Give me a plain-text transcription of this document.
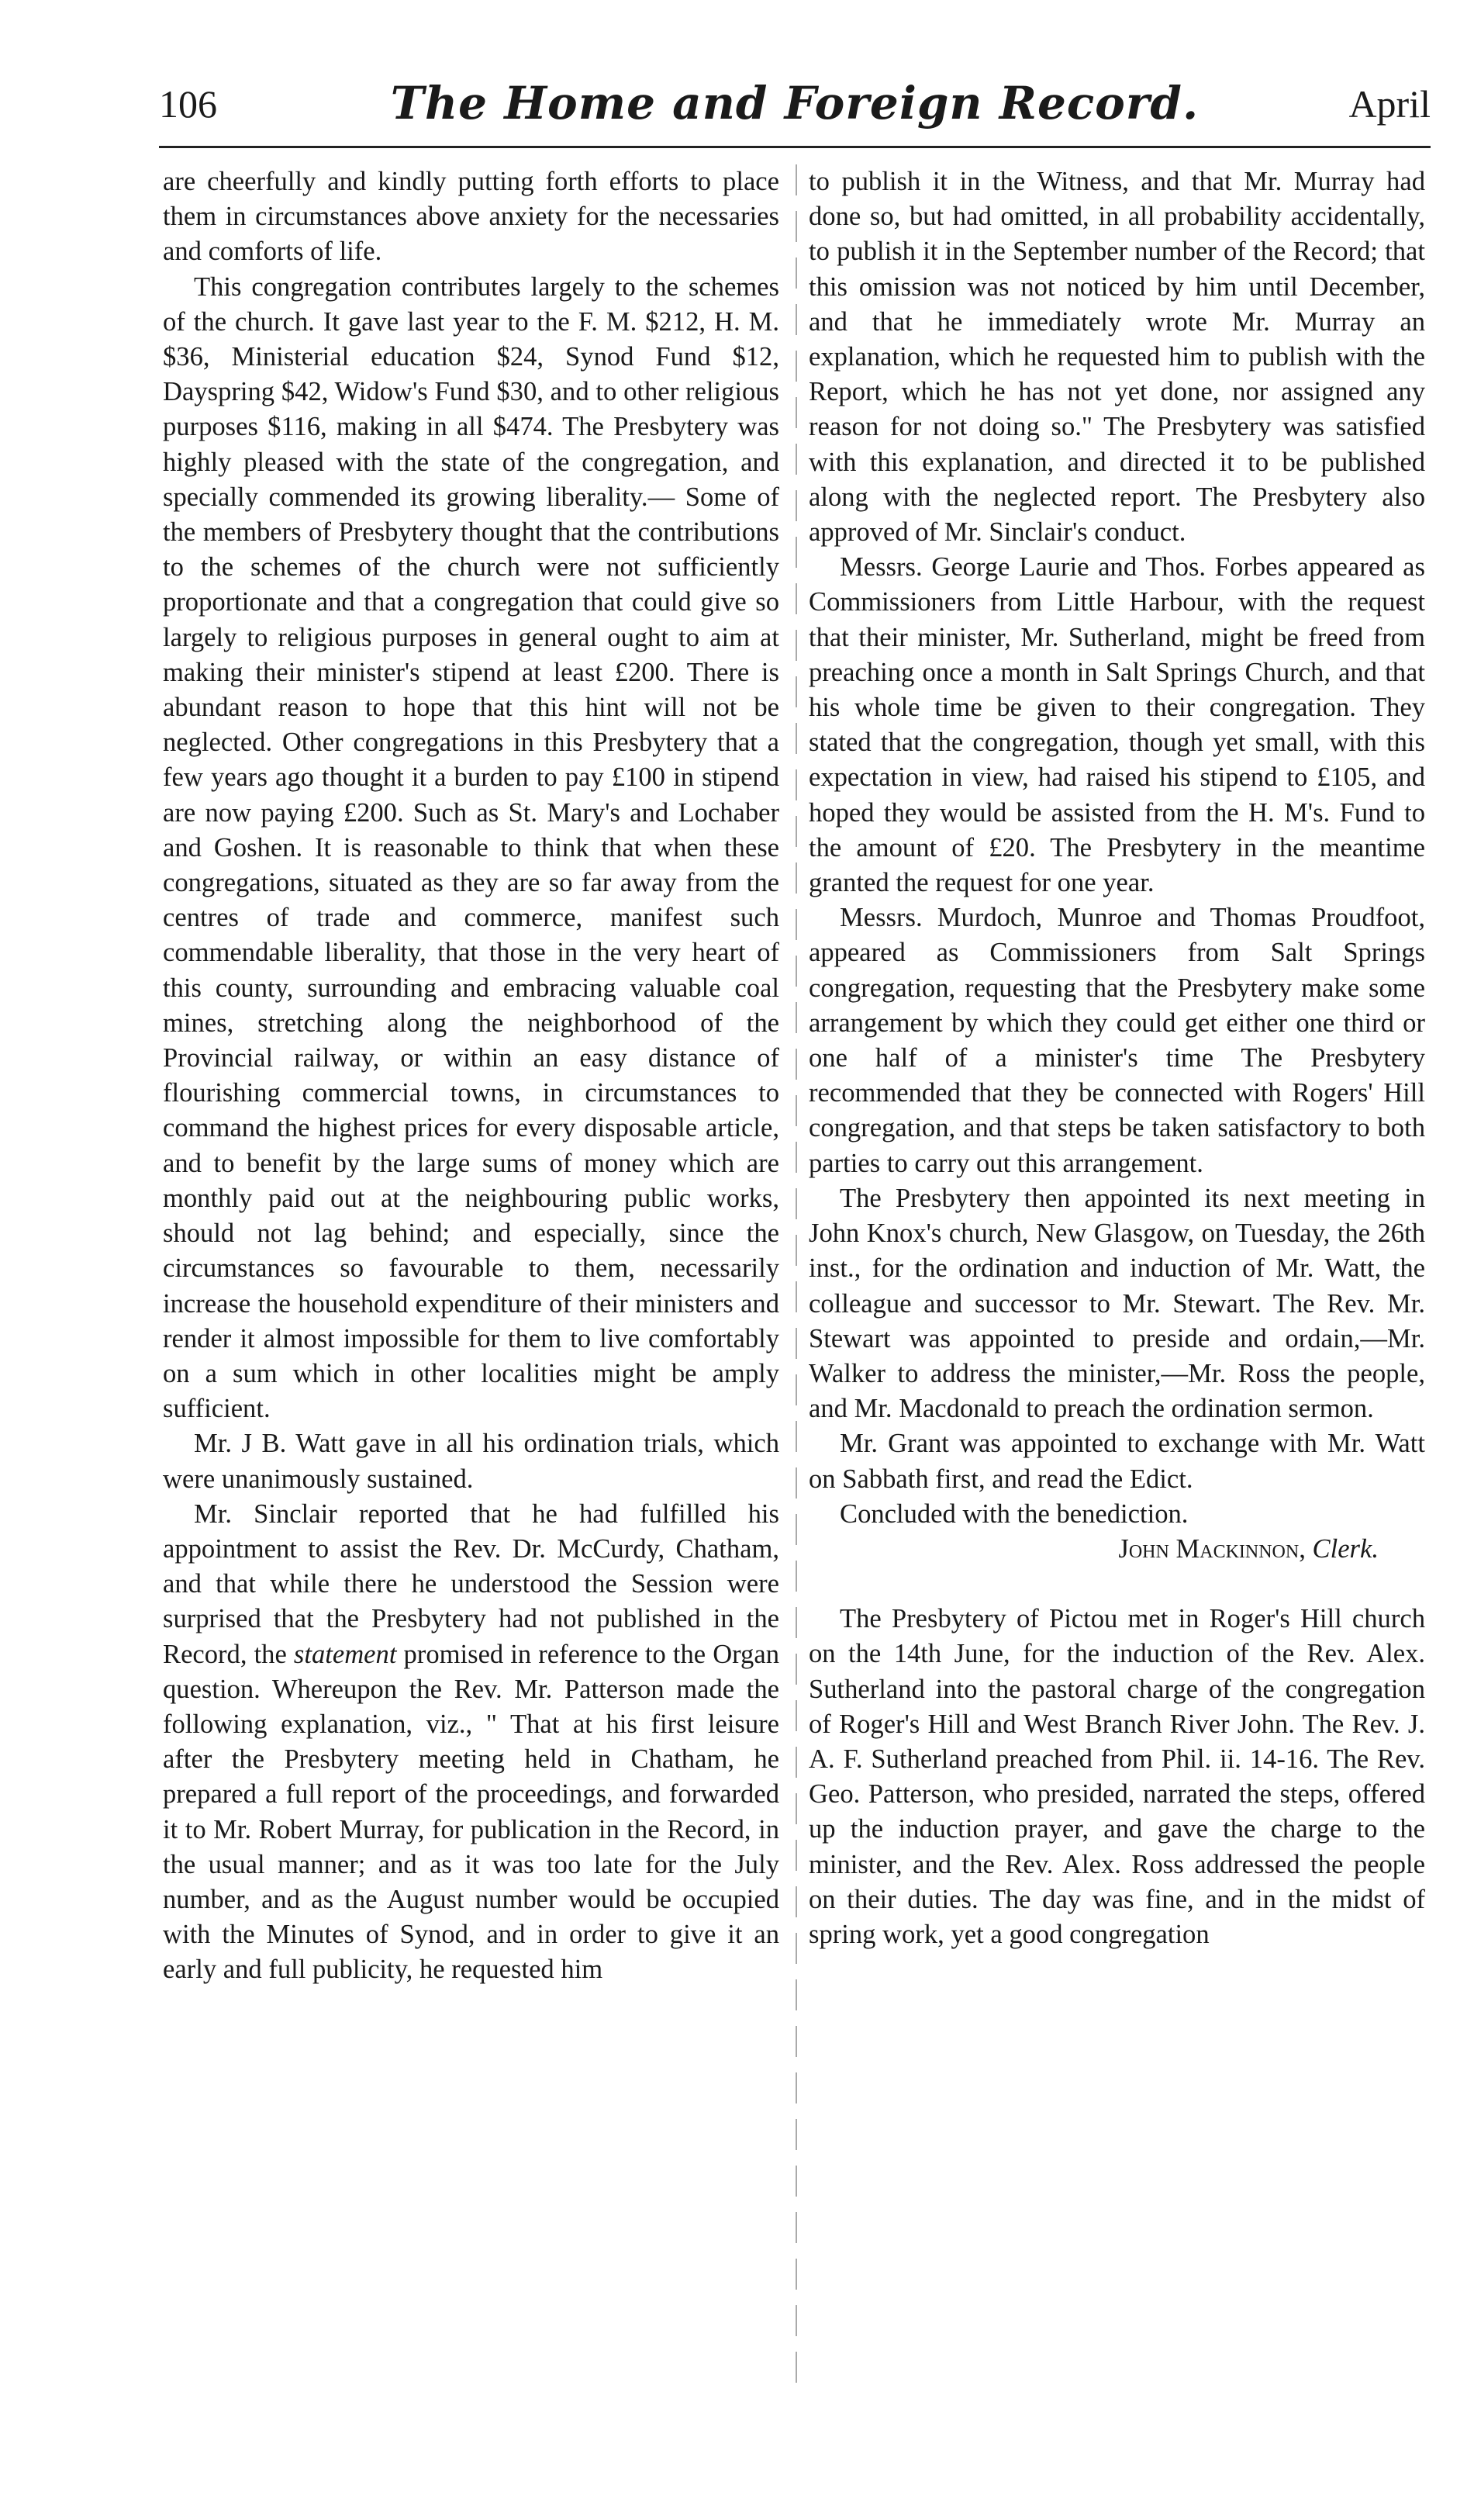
106	The Home and Foreign Record.	April

are cheerfully and kindly putting forth efforts to place them in circumstances above anxiety for the necessaries and comforts of life.

This congregation contributes largely to the schemes of the church. It gave last year to the F. M. $212, H. M. $36, Ministerial education $24, Synod Fund $12, Dayspring $42, Widow's Fund $30, and to other religious purposes $116, making in all $474. The Presbytery was highly pleased with the state of the congregation, and specially commended its growing liberality.— Some of the members of Presbytery thought that the contributions to the schemes of the church were not sufficiently proportionate and that a congregation that could give so largely to religious purposes in general ought to aim at making their minister's stipend at least £200. There is abundant reason to hope that this hint will not be neglected. Other congregations in this Presbytery that a few years ago thought it a burden to pay £100 in stipend are now paying £200. Such as St. Mary's and Lochaber and Goshen. It is reasonable to think that when these congregations, situated as they are so far away from the centres of trade and commerce, manifest such commendable liberality, that those in the very heart of this county, surrounding and embracing valuable coal mines, stretching along the neighborhood of the Provincial railway, or within an easy distance of flourishing commercial towns, in circumstances to command the highest prices for every disposable article, and to benefit by the large sums of money which are monthly paid out at the neighbouring public works, should not lag behind; and especially, since the circumstances so favourable to them, necessarily increase the household expenditure of their ministers and render it almost impossible for them to live comfortably on a sum which in other localities might be amply sufficient.

Mr. J B. Watt gave in all his ordination trials, which were unanimously sustained.

Mr. Sinclair reported that he had fulfilled his appointment to assist the Rev. Dr. McCurdy, Chatham, and that while there he understood the Session were surprised that the Presbytery had not published in the Record, the statement promised in reference to the Organ question. Whereupon the Rev. Mr. Patterson made the following explanation, viz., " That at his first leisure after the Presbytery meeting held in Chatham, he prepared a full report of the proceedings, and forwarded it to Mr. Robert Murray, for publication in the Record, in the usual manner; and as it was too late for the July number, and as the August number would be occupied with the Minutes of Synod, and in order to give it an early and full publicity, he requested him

to publish it in the Witness, and that Mr. Murray had done so, but had omitted, in all probability accidentally, to publish it in the September number of the Record; that this omission was not noticed by him until December, and that he immediately wrote Mr. Murray an explanation, which he requested him to publish with the Report, which he has not yet done, nor assigned any reason for not doing so." The Presbytery was satisfied with this explanation, and directed it to be published along with the neglected report. The Presbytery also approved of Mr. Sinclair's conduct.

Messrs. George Laurie and Thos. Forbes appeared as Commissioners from Little Harbour, with the request that their minister, Mr. Sutherland, might be freed from preaching once a month in Salt Springs Church, and that his whole time be given to their congregation. They stated that the congregation, though yet small, with this expectation in view, had raised his stipend to £105, and hoped they would be assisted from the H. M's. Fund to the amount of £20. The Presbytery in the meantime granted the request for one year.

Messrs. Murdoch, Munroe and Thomas Proudfoot, appeared as Commissioners from Salt Springs congregation, requesting that the Presbytery make some arrangement by which they could get either one third or one half of a minister's time The Presbytery recommended that they be connected with Rogers' Hill congregation, and that steps be taken satisfactory to both parties to carry out this arrangement.

The Presbytery then appointed its next meeting in John Knox's church, New Glasgow, on Tuesday, the 26th inst., for the ordination and induction of Mr. Watt, the colleague and successor to Mr. Stewart. The Rev. Mr. Stewart was appointed to preside and ordain,—Mr. Walker to address the minister,—Mr. Ross the people, and Mr. Macdonald to preach the ordination sermon.

Mr. Grant was appointed to exchange with Mr. Watt on Sabbath first, and read the Edict.

Concluded with the benediction.

John Mackinnon, Clerk.

The Presbytery of Pictou met in Roger's Hill church on the 14th June, for the induction of the Rev. Alex. Sutherland into the pastoral charge of the congregation of Roger's Hill and West Branch River John. The Rev. J. A. F. Sutherland preached from Phil. ii. 14-16. The Rev. Geo. Patterson, who presided, narrated the steps, offered up the induction prayer, and gave the charge to the minister, and the Rev. Alex. Ross addressed the people on their duties. The day was fine, and in the midst of spring work, yet a good congregation
